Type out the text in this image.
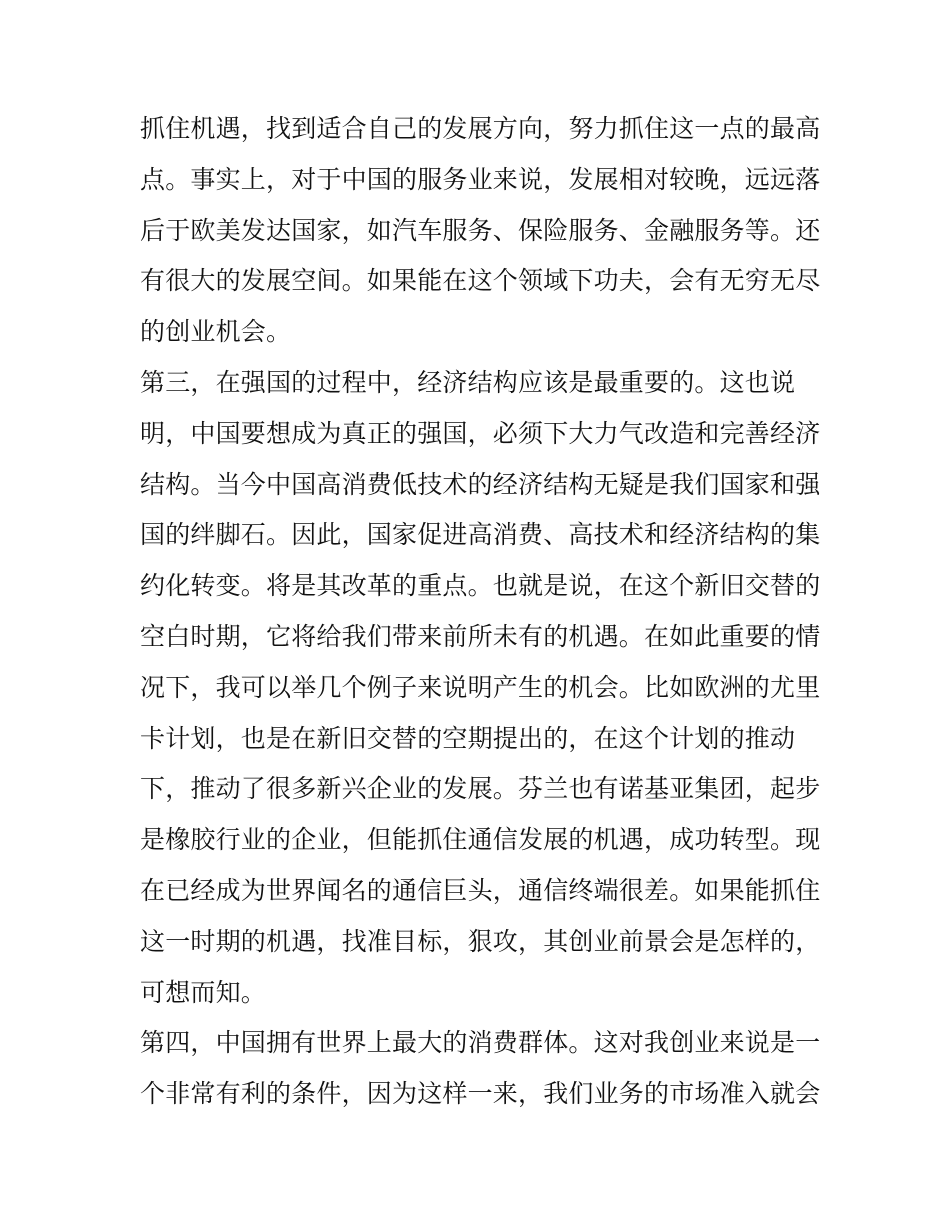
抓住机遇，找到适合自己的发展方向，努力抓住这一点的最高
点。事实上，对于中国的服务业来说，发展相对较晚，远远落
后于欧美发达国家，如汽车服务、保险服务、金融服务等。还
有很大的发展空间。如果能在这个领域下功夫，会有无穷无尽
的创业机会。
第三，在强国的过程中，经济结构应该是最重要的。这也说
明，中国要想成为真正的强国，必须下大力气改造和完善经济
结构。当今中国高消费低技术的经济结构无疑是我们国家和强
国的绊脚石。因此，国家促进高消费、高技术和经济结构的集
约化转变。将是其改革的重点。也就是说，在这个新旧交替的
空白时期，它将给我们带来前所未有的机遇。在如此重要的情
况下，我可以举几个例子来说明产生的机会。比如欧洲的尤里
卡计划，也是在新旧交替的空期提出的，在这个计划的推动
下，推动了很多新兴企业的发展。芬兰也有诺基亚集团，起步
是橡胶行业的企业，但能抓住通信发展的机遇，成功转型。现
在已经成为世界闻名的通信巨头，通信终端很差。如果能抓住
这一时期的机遇，找准目标，狠攻，其创业前景会是怎样的，
可想而知。
第四，中国拥有世界上最大的消费群体。这对我创业来说是一
个非常有利的条件，因为这样一来，我们业务的市场准入就会
